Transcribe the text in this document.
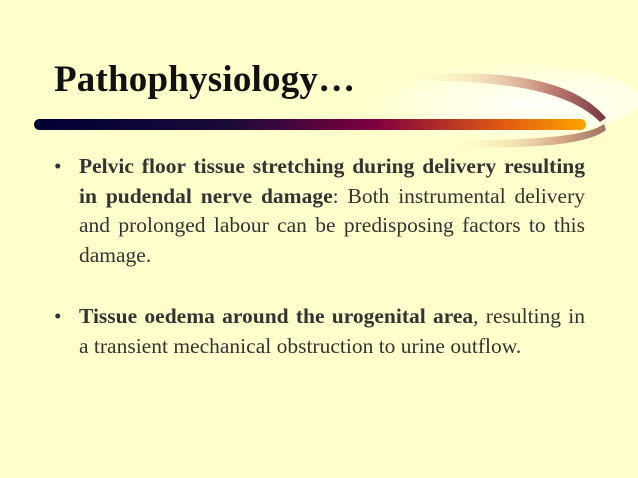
Pathophysiology…
• Pelvic floor tissue stretching during delivery resulting in pudendal nerve damage: Both instrumental delivery and prolonged labour can be predisposing factors to this damage.
• Tissue oedema around the urogenital area, resulting in a transient mechanical obstruction to urine outflow.
